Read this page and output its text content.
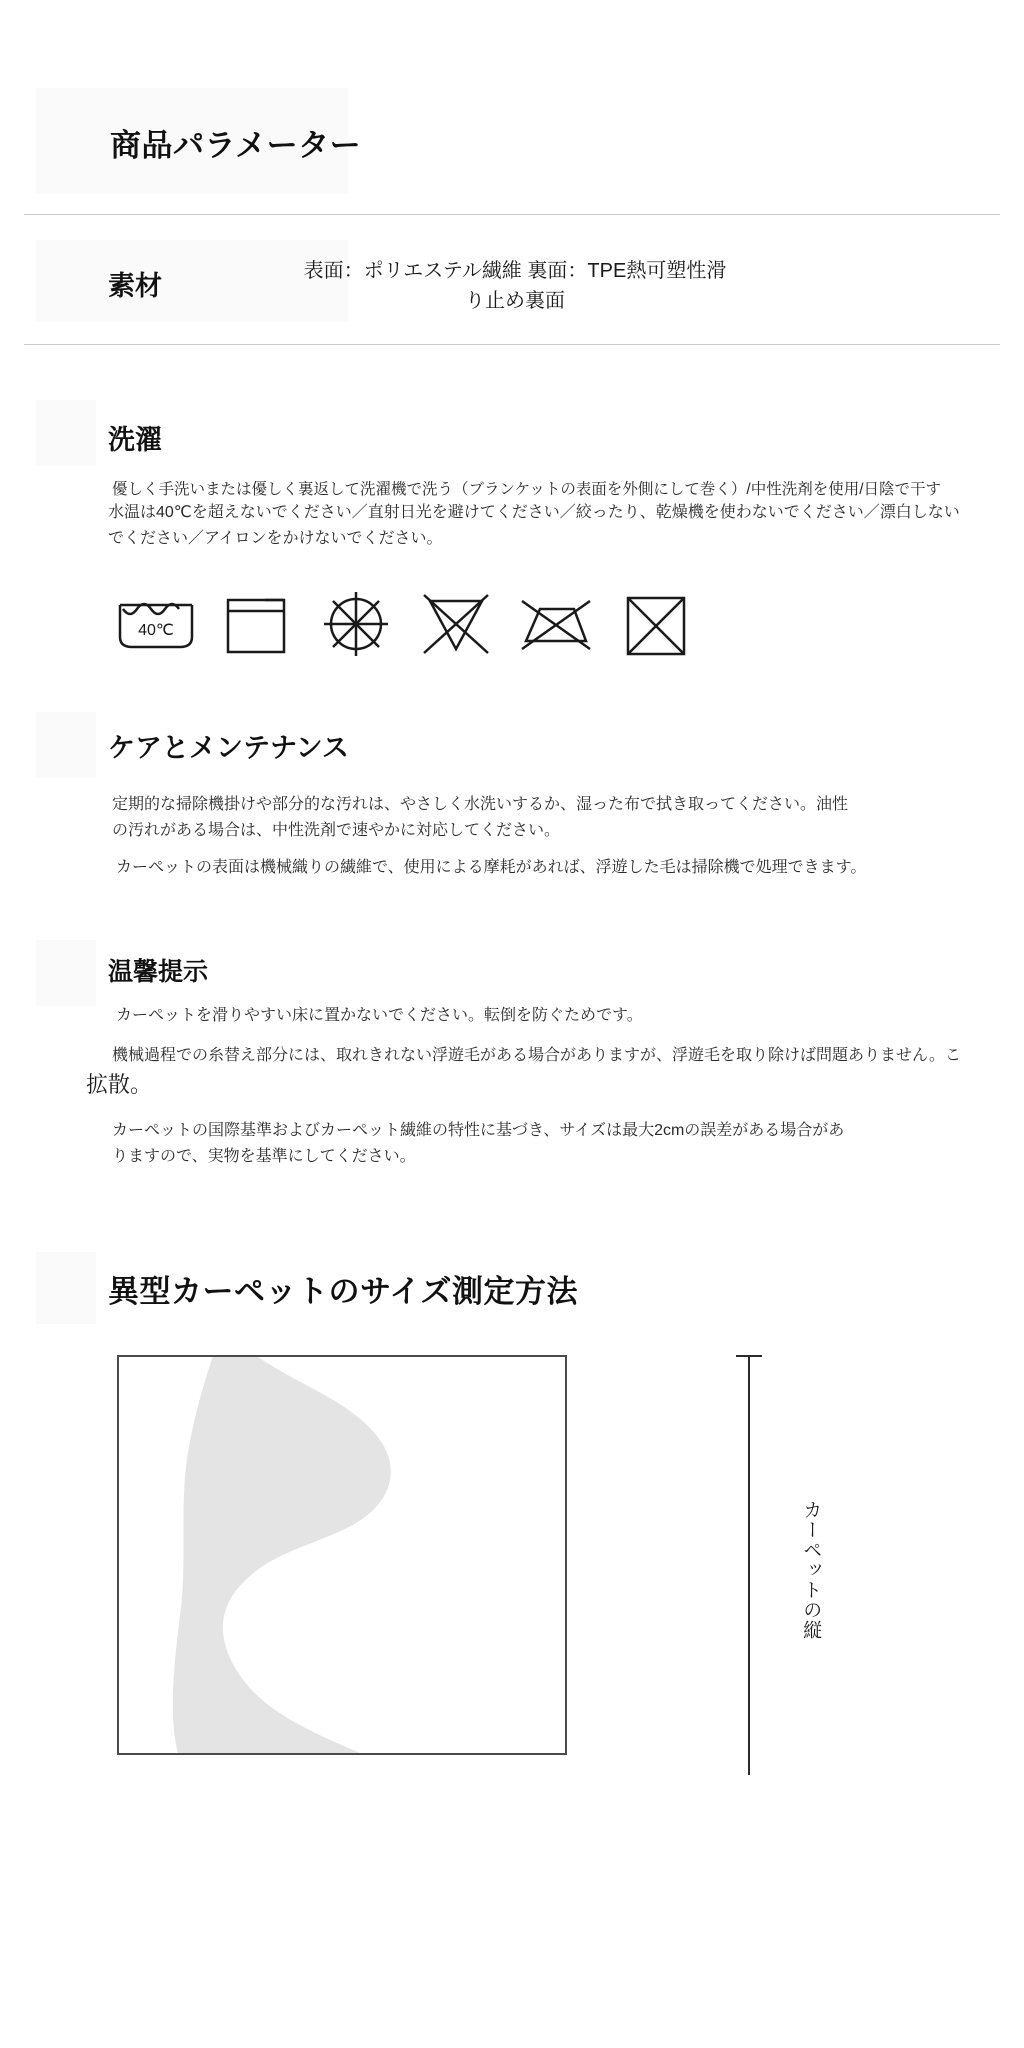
商品パラメーター
素材	表面：ポリエステル繊維 裏面：TPE熱可塑性滑り止め裏面
洗濯
優しく手洗いまたは優しく裏返して洗濯機で洗う（ブランケットの表面を外側にして巻く）/中性洗剤を使用/日陰で干す
水温は40℃を超えないでください／直射日光を避けてください／絞ったり、乾燥機を使わないでください／漂白しないでください／アイロンをかけないでください。
40℃
ケアとメンテナンス
定期的な掃除機掛けや部分的な汚れは、やさしく水洗いするか、湿った布で拭き取ってください。油性の汚れがある場合は、中性洗剤で速やかに対応してください。
カーペットの表面は機械織りの繊維で、使用による摩耗があれば、浮遊した毛は掃除機で処理できます。
温馨提示
カーペットを滑りやすい床に置かないでください。転倒を防ぐためです。
機械過程での糸替え部分には、取れきれない浮遊毛がある場合がありますが、浮遊毛を取り除けば問題ありません。こ
拡散。
カーペットの国際基準およびカーペット繊維の特性に基づき、サイズは最大2cmの誤差がある場合がありますので、実物を基準にしてください。
異型カーペットのサイズ測定方法
カーペットの縦
